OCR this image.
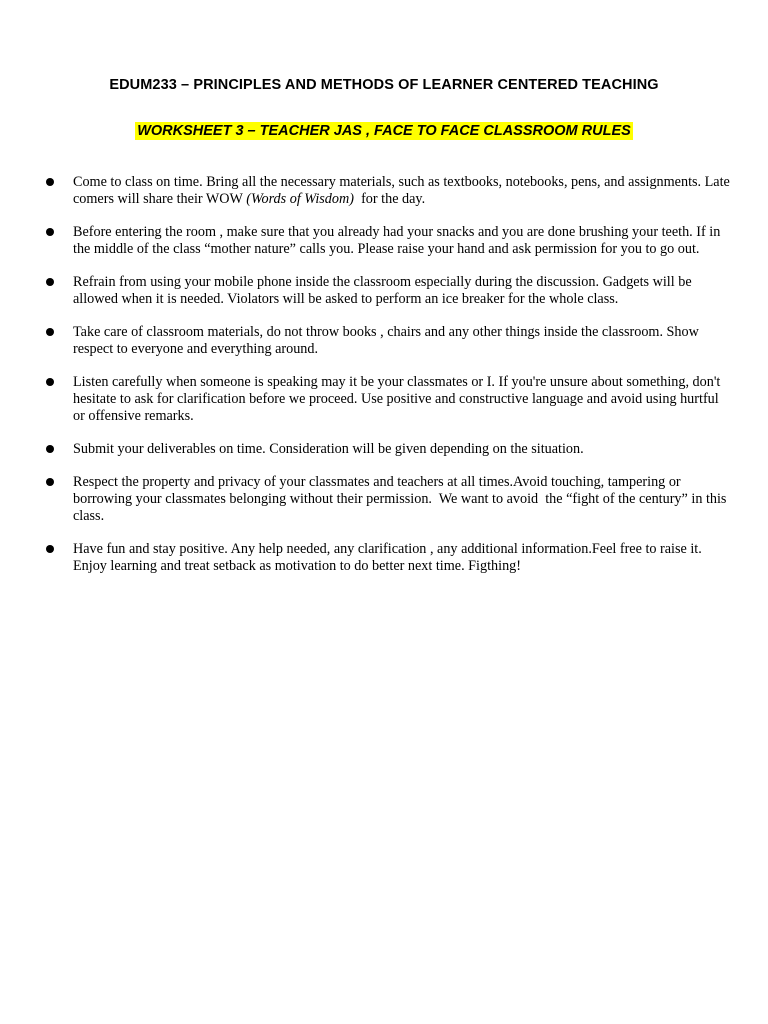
EDUM233 – PRINCIPLES AND METHODS OF LEARNER CENTERED TEACHING
WORKSHEET 3 – TEACHER JAS , FACE TO FACE CLASSROOM RULES
Come to class on time. Bring all the necessary materials, such as textbooks, notebooks, pens, and assignments. Late comers will share their WOW (Words of Wisdom)  for the day.
Before entering the room , make sure that you already had your snacks and you are done brushing your teeth. If in the middle of the class “mother nature” calls you. Please raise your hand and ask permission for you to go out.
Refrain from using your mobile phone inside the classroom especially during the discussion. Gadgets will be allowed when it is needed. Violators will be asked to perform an ice breaker for the whole class.
Take care of classroom materials, do not throw books , chairs and any other things inside the classroom. Show respect to everyone and everything around.
Listen carefully when someone is speaking may it be your classmates or I. If you're unsure about something, don't hesitate to ask for clarification before we proceed. Use positive and constructive language and avoid using hurtful or offensive remarks.
Submit your deliverables on time. Consideration will be given depending on the situation.
Respect the property and privacy of your classmates and teachers at all times.Avoid touching, tampering or borrowing your classmates belonging without their permission.  We want to avoid  the “fight of the century” in this class.
Have fun and stay positive. Any help needed, any clarification , any additional information.Feel free to raise it. Enjoy learning and treat setback as motivation to do better next time. Figthing!
